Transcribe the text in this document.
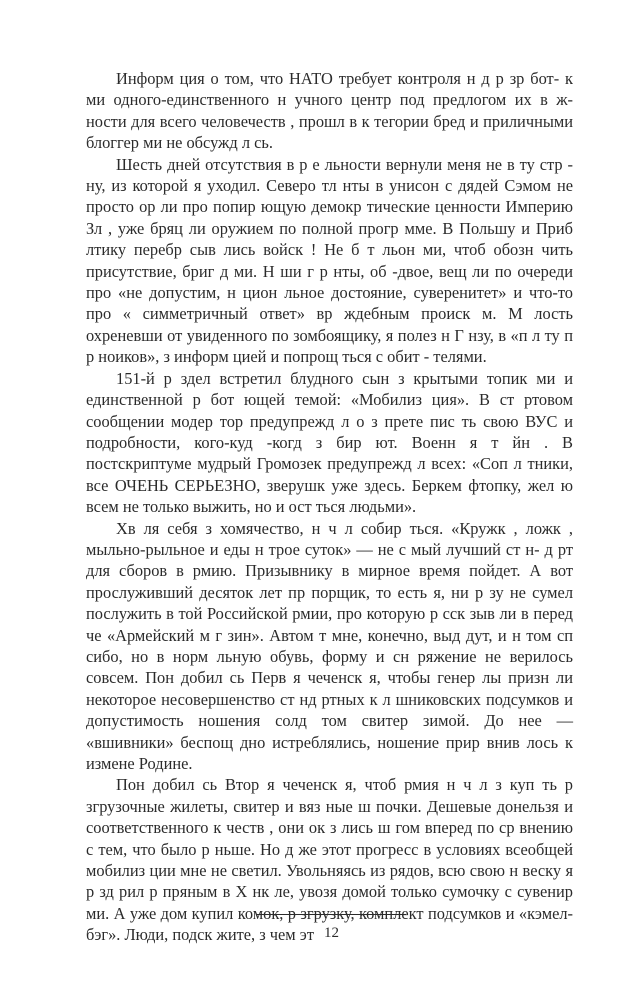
Информ ция о том, что НАТО требует контроля н д р зр бот- к ми одного-единственного н учного центр под предлогом их в ж- ности для всего человечеств , прошл в к тегории бред и приличными блоггер ми не обсужд л сь.

Шесть дней отсутствия в р е льности вернули меня не в ту стр - ну, из которой я уходил. Северо тл нты в унисон с дядей Сэмом не просто ор ли про попир ющую демокр тические ценности Империю Зл , уже бряц ли оружием по полной прогр мме. В Польшу и Приб лтику перебр сыв лись войск ! Не б т льон ми, чтоб обозн чить присутствие, бриг д ми. Н ши г р нты, об -двое, вещ ли по очереди про «не допустим, н цион льное достояние, суверенитет» и что-то про « симметричный ответ» вр ждебным происк м. М лость охреневши от увиденного по зомбоящику, я полез н Г нзу, в «п л ту п р ноиков», з информ цией и попрощ ться с обит - телями.

151-й р здел встретил блудного сын з крытыми топик ми и единственной р бот ющей темой: «Мобилиз ция». В ст ртовом сообщении модер тор предупрежд л о з прете пис ть свою ВУС и подробности, кого-куд -когд з бир ют. Военн я т йн . В постскриптуме мудрый Громозек предупрежд л всех: «Соп л тники, все ОЧЕНЬ СЕРЬЕЗНО, зверушк уже здесь. Беркем фтопку, жел ю всем не только выжить, но и ост ться людьми».

Хв ля себя з хомячество, н ч л собир ться. «Кружк , ложк , мыльно-рыльное и еды н трое суток» — не с мый лучший ст н- д рт для сборов в рмию. Призывнику в мирное время пойдет. А вот прослуживший десяток лет пр порщик, то есть я, ни р зу не сумел послужить в той Российской рмии, про которую р сск зыв ли в перед че «Армейский м г зин». Автом т мне, конечно, выд дут, и н том сп сибо, но в норм льную обувь, форму и сн ряжение не верилось совсем. Пон добил сь Перв я чеченск я, чтобы генер лы призн ли некоторое несовершенство ст нд ртных к л шниковских подсумков и допустимость ношения солд том свитер зимой. До нее — «вшивники» беспощ дно истреблялись, ношение прир внив лось к измене Родине.

Пон добил сь Втор я чеченск я, чтоб рмия н ч л з куп ть р згрузочные жилеты, свитер и вяз ные ш почки. Дешевые донельзя и соответственного к честв , они ок з лись ш гом вперед по ср внению с тем, что было р ньше. Но д же этот прогресс в условиях всеобщей мобилиз ции мне не светил. Увольняясь из рядов, всю свою н веску я р зд рил р пряным в Х нк ле, увозя домой только сумочку с сувенир ми. А уже дом купил комок, р згрузку, комплект подсумков и «кэмел-бэг». Люди, подск жите, з чем эт 12
